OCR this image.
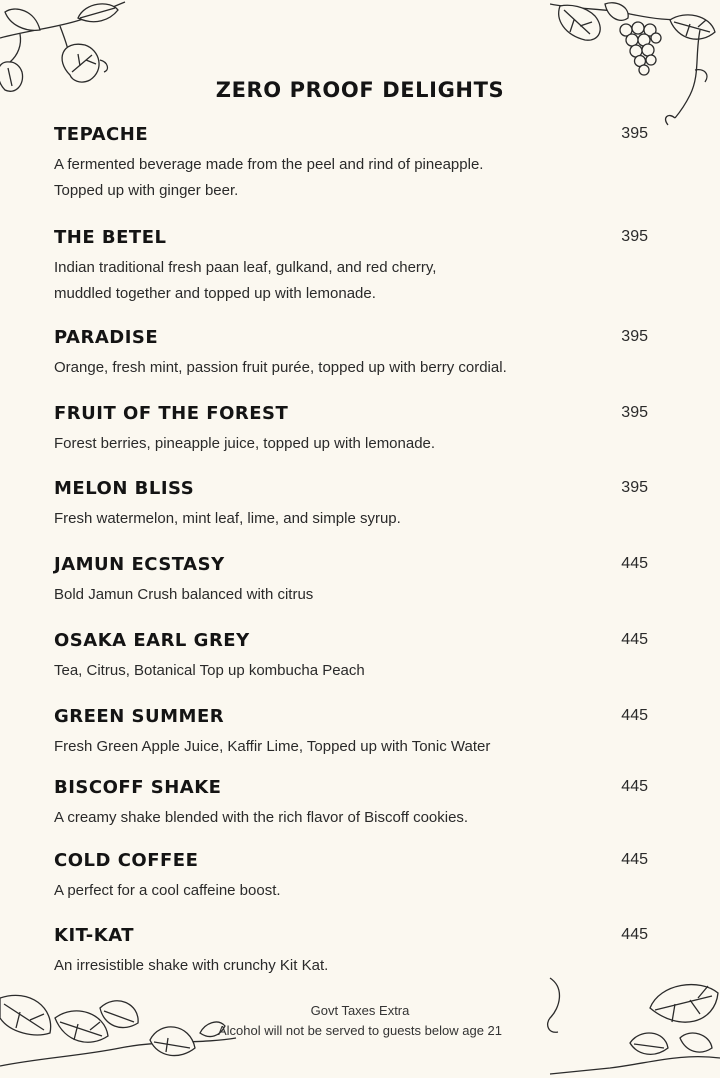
ZERO PROOF DELIGHTS
TEPACHE	395
A fermented beverage made from the peel and rind of pineapple.
Topped up with ginger beer.
THE BETEL	395
Indian traditional fresh paan leaf, gulkand, and red cherry,
muddled together and topped up with lemonade.
PARADISE	395
Orange, fresh mint, passion fruit purée, topped up with berry cordial.
FRUIT OF THE FOREST	395
Forest berries, pineapple juice, topped up with lemonade.
MELON BLISS	395
Fresh watermelon, mint leaf, lime, and simple syrup.
JAMUN ECSTASY	445
Bold Jamun Crush balanced with citrus
OSAKA EARL GREY	445
Tea, Citrus, Botanical Top up kombucha Peach
GREEN SUMMER	445
Fresh Green Apple Juice, Kaffir Lime, Topped up with Tonic Water
BISCOFF SHAKE	445
A creamy shake blended with the rich flavor of Biscoff cookies.
COLD COFFEE	445
A perfect for a cool caffeine boost.
KIT-KAT	445
An irresistible shake with crunchy Kit Kat.
Govt Taxes Extra
Alcohol will not be served to guests below age 21
